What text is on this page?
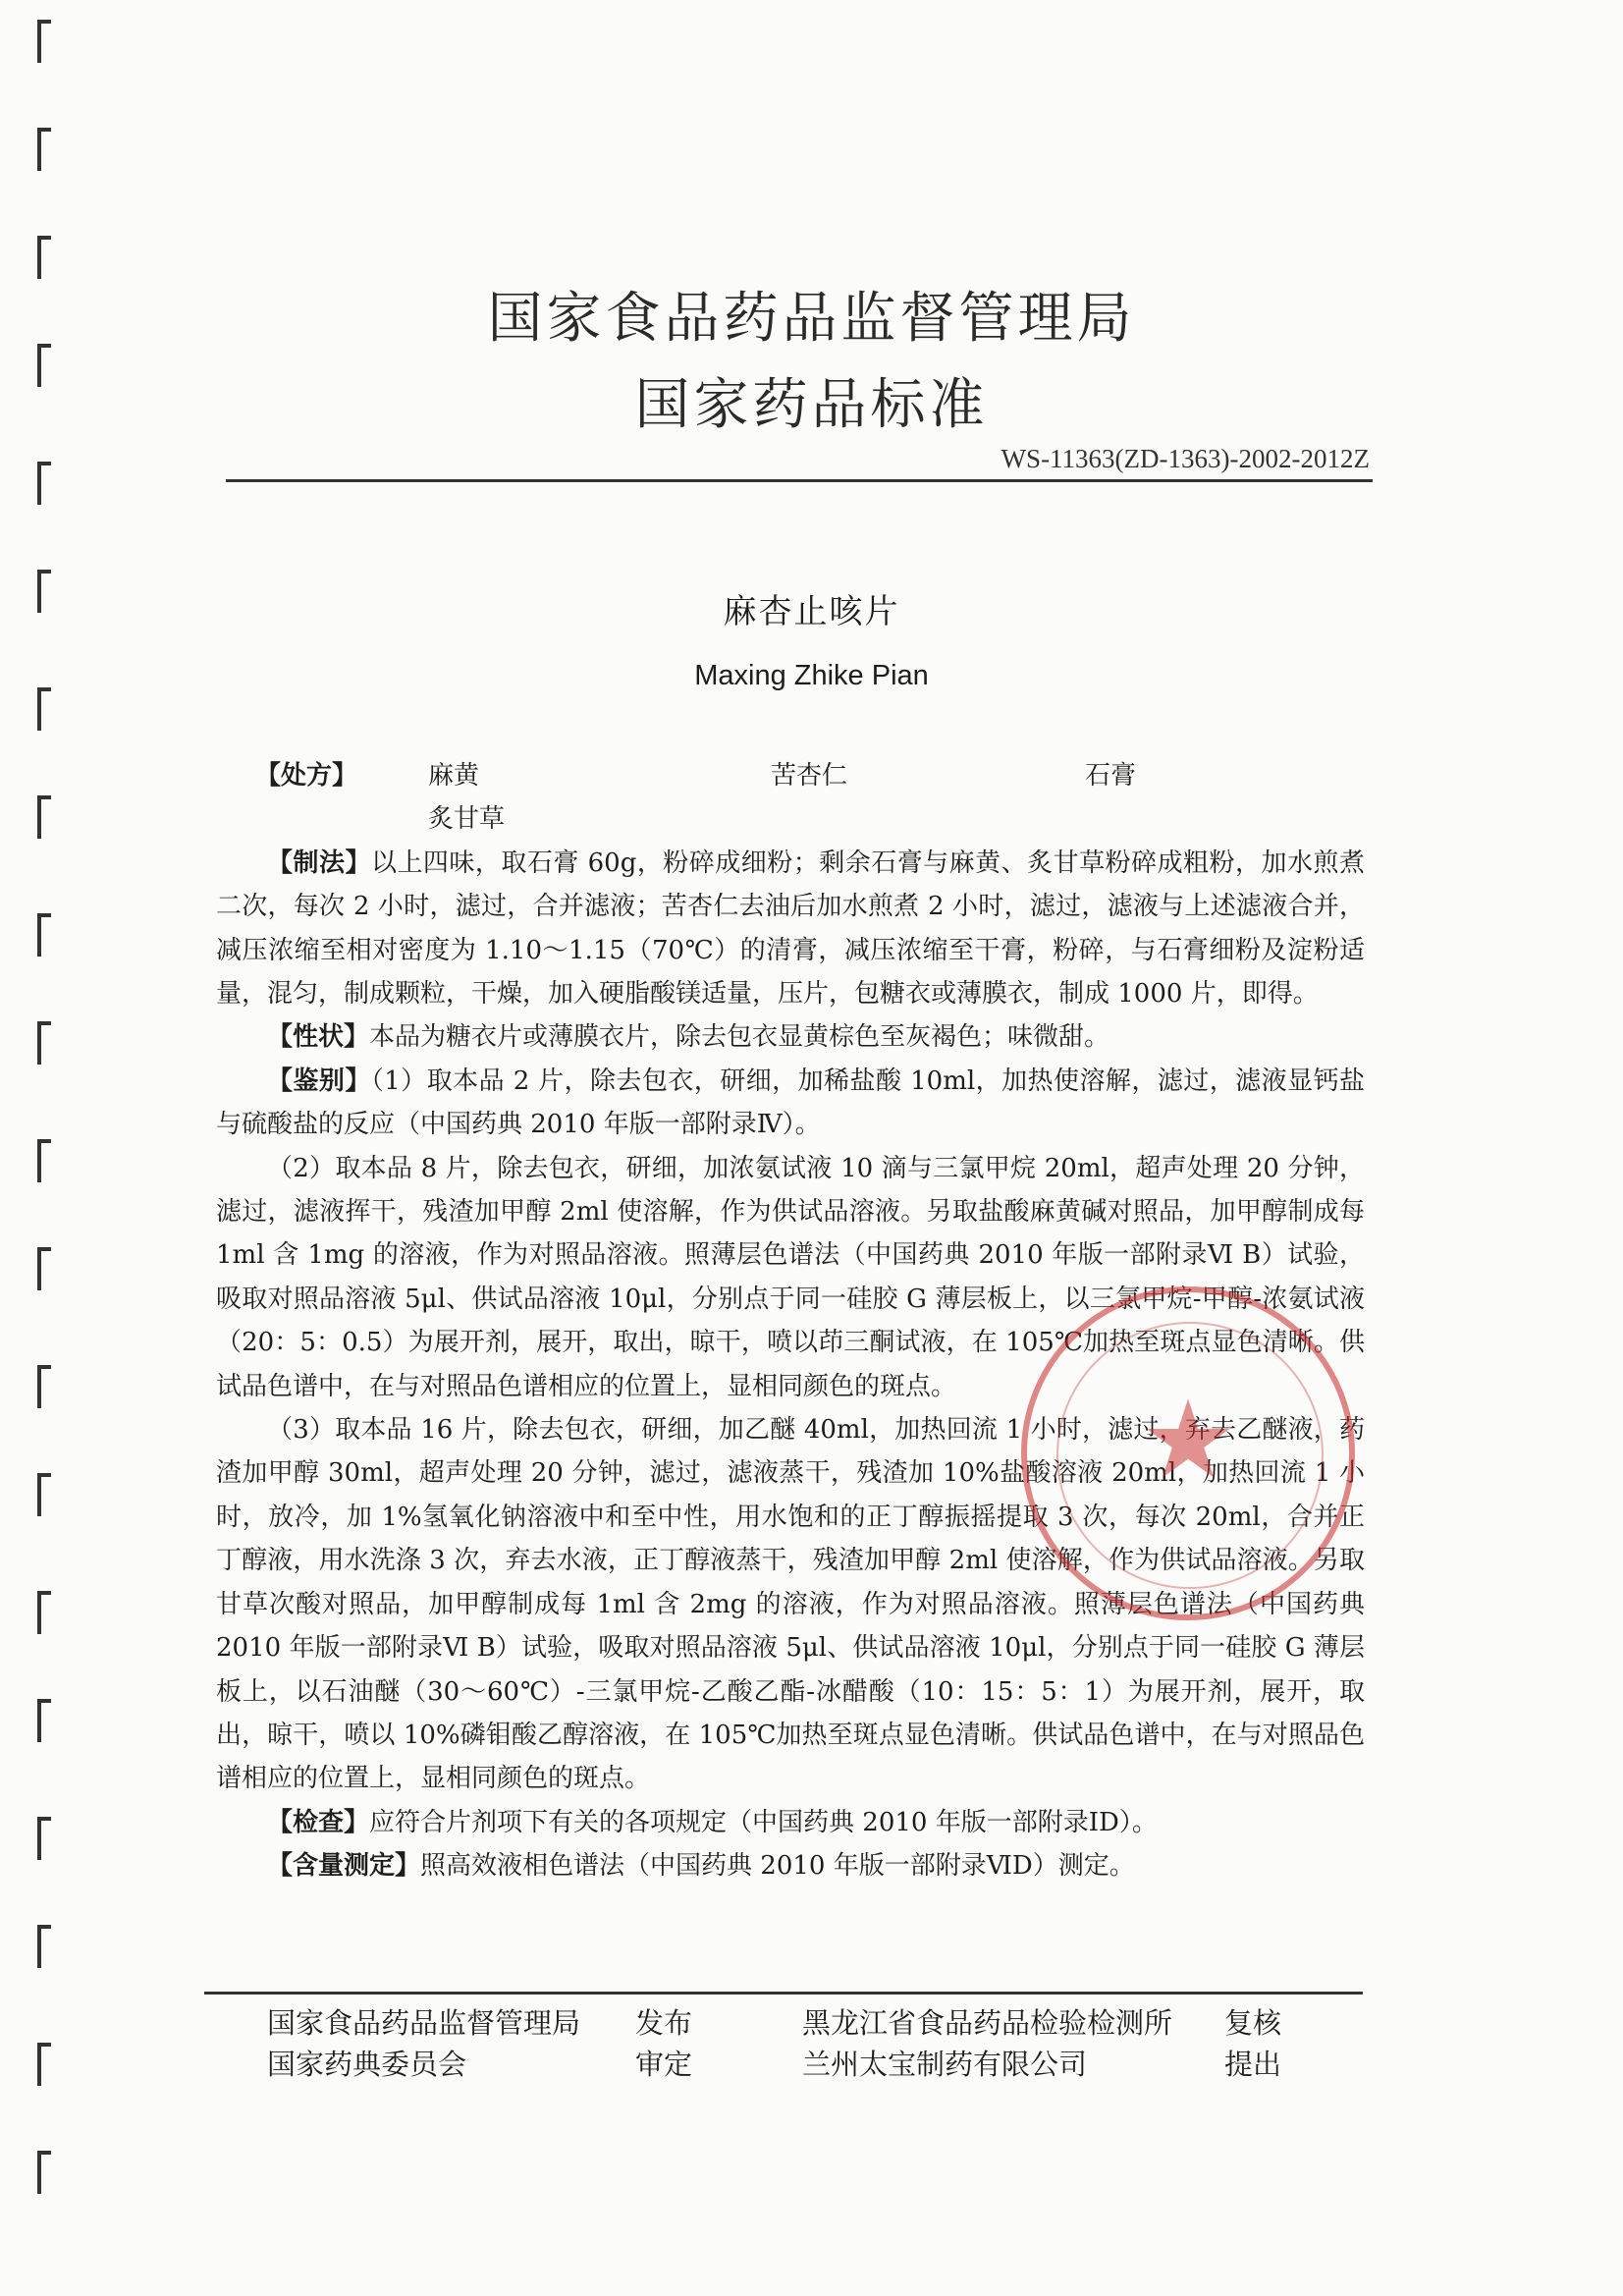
国家食品药品监督管理局
国家药品标准
WS-11363(ZD-1363)-2002-2012Z
麻杏止咳片
Maxing Zhike Pian
【处方】	麻黄	苦杏仁	石膏
炙甘草

【制法】以上四味，取石膏 60g，粉碎成细粉；剩余石膏与麻黄、炙甘草粉碎成粗粉，加水煎煮二次，每次 2 小时，滤过，合并滤液；苦杏仁去油后加水煎煮 2 小时，滤过，滤液与上述滤液合并，减压浓缩至相对密度为 1.10～1.15（70℃）的清膏，减压浓缩至干膏，粉碎，与石膏细粉及淀粉适量，混匀，制成颗粒，干燥，加入硬脂酸镁适量，压片，包糖衣或薄膜衣，制成 1000 片，即得。

【性状】本品为糖衣片或薄膜衣片，除去包衣显黄棕色至灰褐色；味微甜。

【鉴别】（1）取本品 2 片，除去包衣，研细，加稀盐酸 10ml，加热使溶解，滤过，滤液显钙盐与硫酸盐的反应（中国药典 2010 年版一部附录Ⅳ）。

（2）取本品 8 片，除去包衣，研细，加浓氨试液 10 滴与三氯甲烷 20ml，超声处理 20 分钟，滤过，滤液挥干，残渣加甲醇 2ml 使溶解，作为供试品溶液。另取盐酸麻黄碱对照品，加甲醇制成每 1ml 含 1mg 的溶液，作为对照品溶液。照薄层色谱法（中国药典 2010 年版一部附录Ⅵ B）试验，吸取对照品溶液 5μl、供试品溶液 10μl，分别点于同一硅胶 G 薄层板上，以三氯甲烷-甲醇-浓氨试液（20：5：0.5）为展开剂，展开，取出，晾干，喷以茚三酮试液，在 105℃加热至斑点显色清晰。供试品色谱中，在与对照品色谱相应的位置上，显相同颜色的斑点。

（3）取本品 16 片，除去包衣，研细，加乙醚 40ml，加热回流 1 小时，滤过，弃去乙醚液，药渣加甲醇 30ml，超声处理 20 分钟，滤过，滤液蒸干，残渣加 10%盐酸溶液 20ml，加热回流 1 小时，放冷，加 1%氢氧化钠溶液中和至中性，用水饱和的正丁醇振摇提取 3 次，每次 20ml，合并正丁醇液，用水洗涤 3 次，弃去水液，正丁醇液蒸干，残渣加甲醇 2ml 使溶解，作为供试品溶液。另取甘草次酸对照品，加甲醇制成每 1ml 含 2mg 的溶液，作为对照品溶液。照薄层色谱法（中国药典 2010 年版一部附录Ⅵ B）试验，吸取对照品溶液 5μl、供试品溶液 10μl，分别点于同一硅胶 G 薄层板上，以石油醚（30～60℃）-三氯甲烷-乙酸乙酯-冰醋酸（10：15：5：1）为展开剂，展开，取出，晾干，喷以 10%磷钼酸乙醇溶液，在 105℃加热至斑点显色清晰。供试品色谱中，在与对照品色谱相应的位置上，显相同颜色的斑点。

【检查】应符合片剂项下有关的各项规定（中国药典 2010 年版一部附录ⅠD）。

【含量测定】照高效液相色谱法（中国药典 2010 年版一部附录ⅥD）测定。

★
国家食品药品监督管理局 发布	黑龙江省食品药品检验检测所 复核
国家药典委员会	审定	兰州太宝制药有限公司	提出
